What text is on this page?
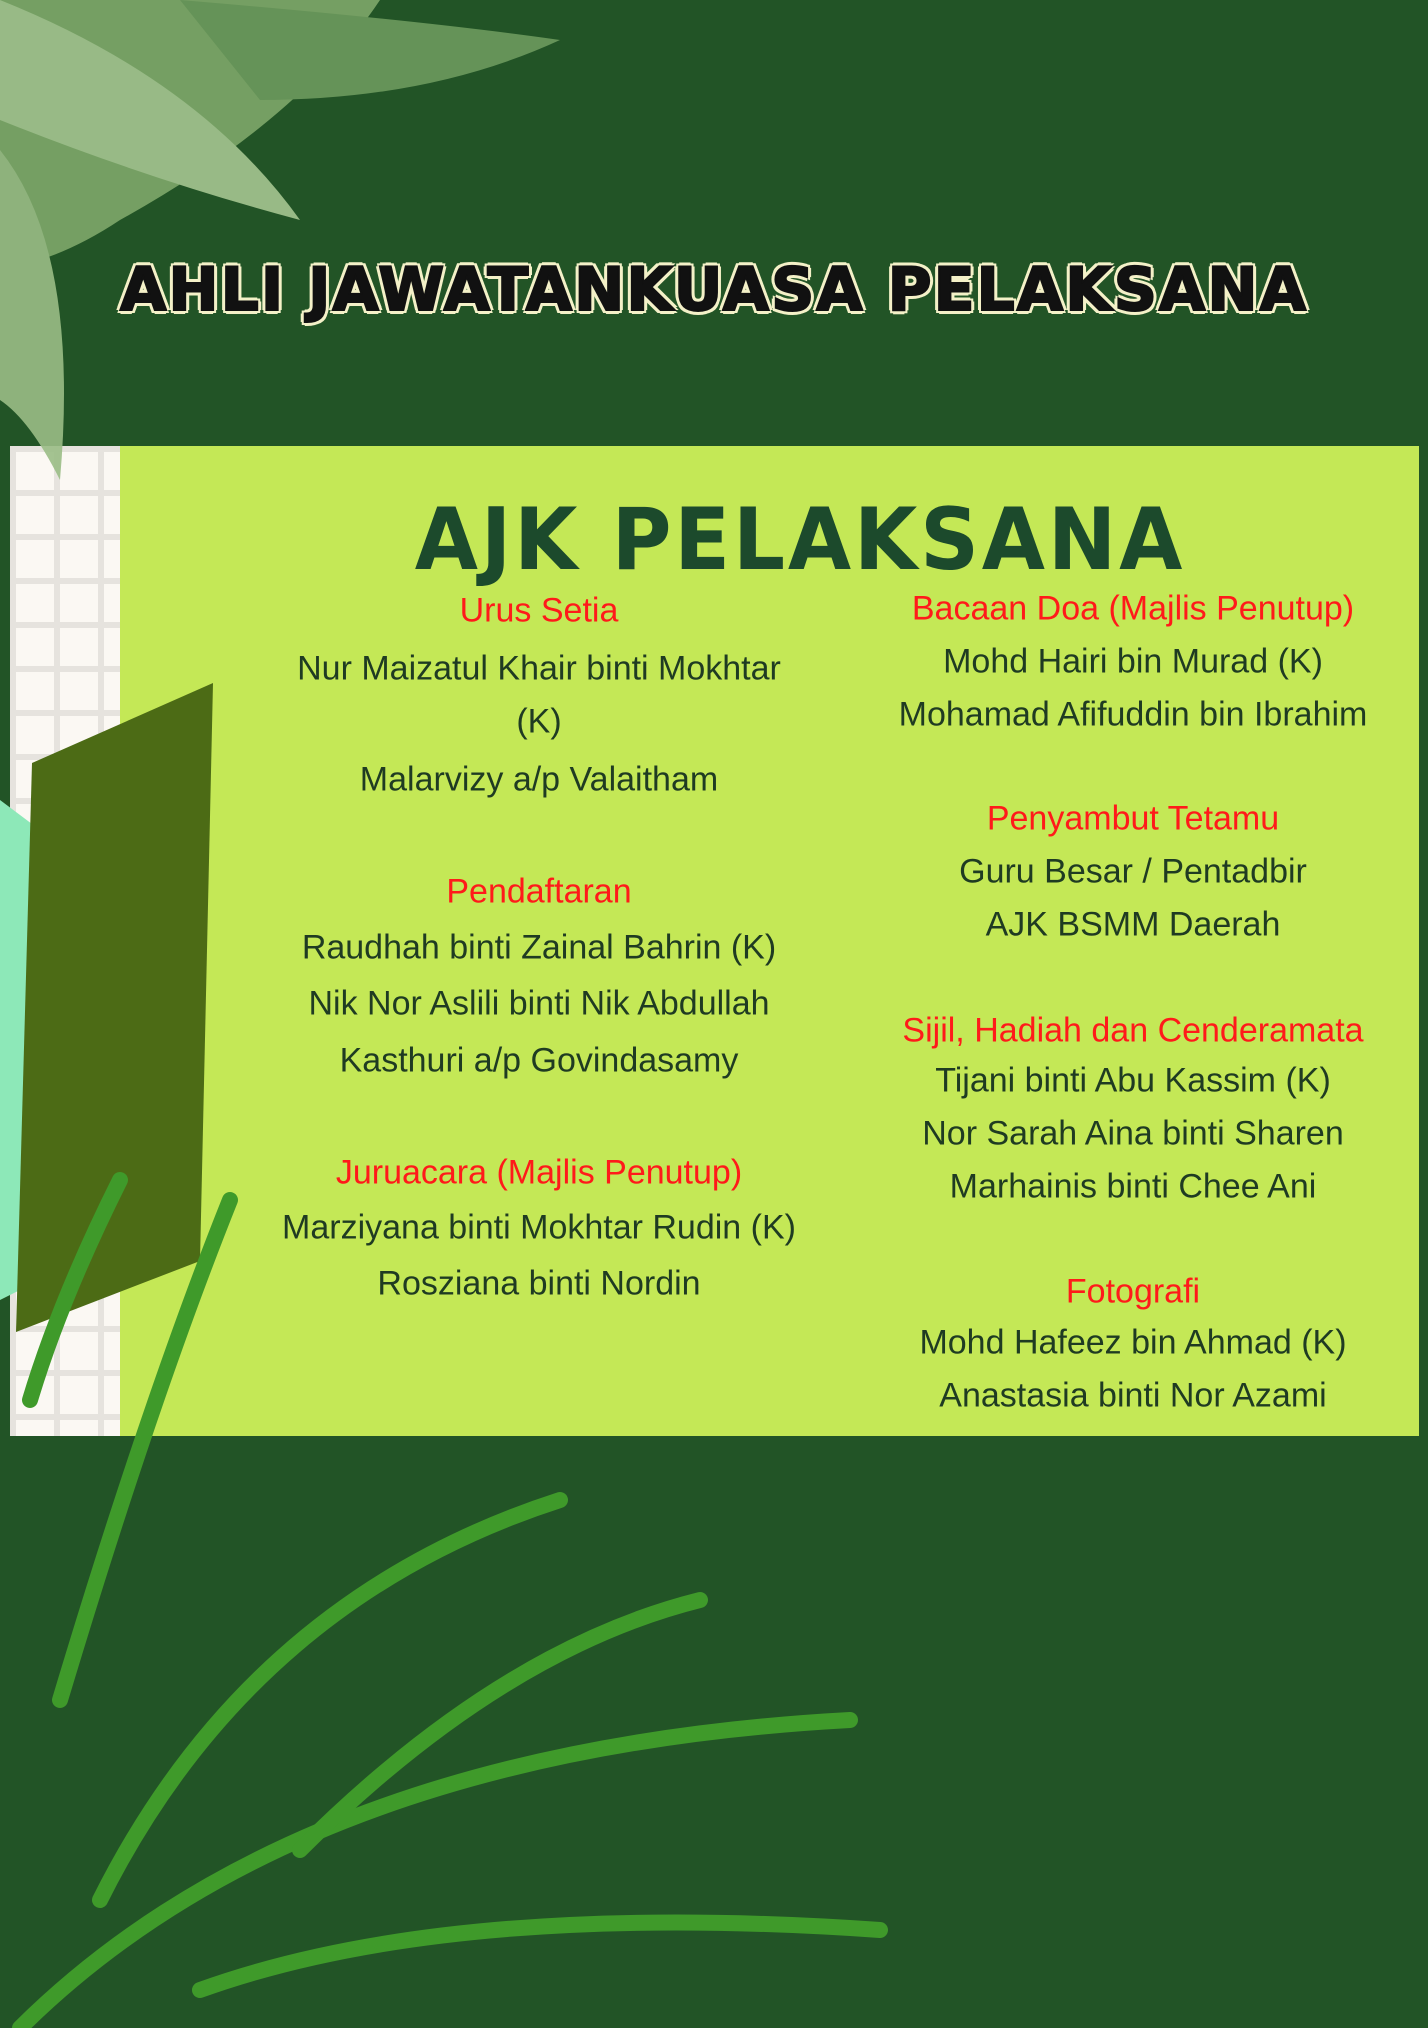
AHLI JAWATANKUASA PELAKSANA
AJK PELAKSANA
Urus Setia
Nur Maizatul Khair binti Mokhtar
(K)
Malarvizy a/p Valaitham
Pendaftaran
Raudhah binti Zainal Bahrin (K)
Nik Nor Aslili binti Nik Abdullah
Kasthuri a/p Govindasamy
Juruacara (Majlis Penutup)
Marziyana binti Mokhtar Rudin (K)
Rosziana binti Nordin
Bacaan Doa (Majlis Penutup)
Mohd Hairi bin Murad (K)
Mohamad Afifuddin bin Ibrahim
Penyambut Tetamu
Guru Besar / Pentadbir
AJK BSMM Daerah
Sijil, Hadiah dan Cenderamata
Tijani binti Abu Kassim (K)
Nor Sarah Aina binti Sharen
Marhainis binti Chee Ani
Fotografi
Mohd Hafeez bin Ahmad (K)
Anastasia binti Nor Azami
